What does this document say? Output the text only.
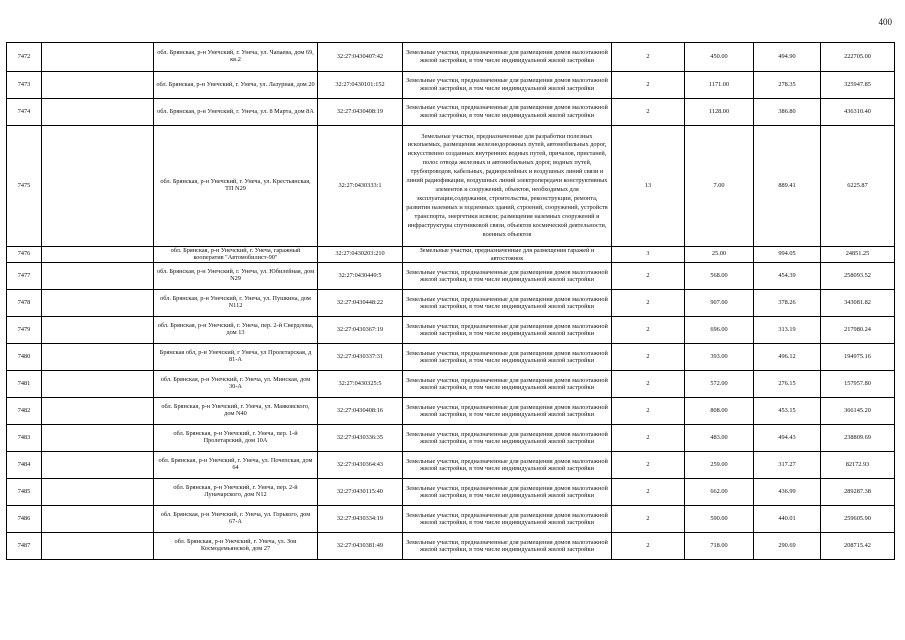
400
7472		обл. Брянская, р-н Унечский, г. Унеча, ул. Чапаева, дом 69, кв.2	32:27:0430407:42	Земельные участки, предназначенные для размещения домов малоэтажной жилой застройки, в том числе индивидуальной жилой застройки	2	450.00	494.90	222705.00
7473		обл. Брянская, р-н Унечский, г. Унеча, ул. Лазурная, дом 20	32:27:0430101:152	Земельные участки, предназначенные для размещения домов малоэтажной жилой застройки, в том числе индивидуальной жилой застройки	2	1171.00	278.35	325947.85
7474		обл. Брянская, р-н Унечский, г. Унеча, ул. 8 Марта, дом 8А	32:27:0430408:19	Земельные участки, предназначенные для размещения домов малоэтажной жилой застройки, в том числе индивидуальной жилой застройки	2	1128.00	386.80	436310.40
7475		обл. Брянская, р-н Унечский, г. Унеча, ул. Крестьянская, ТП N29	32:27:0430333:1	Земельные участки, предназначенные для разработки полезных ископаемых, размещения железнодорожных путей, автомобильных дорог, искусственно созданных внутренних водных путей, причалов, пристаней, полос отвода железных и автомобильных дорог, водных путей, трубопроводов, кабельных, радиорелейных и воздушных линий связи и линий радиофикации, воздушных линий электропередачи конструктивных элементов и сооружений, объектов, необходимых для эксплуатации,содержания, строительства, реконструкции, ремонта, развития наземных и подземных зданий, строений, сооружений, устройств транспорта, энергетики исвязи; размещения наземных сооружений и инфраструктуры спутниковой связи, объектов космической деятельности, военных объектов	13	7.00	889.41	6225.87
7476		обл. Брянская, р-н Унечский, г. Унеча, гаражный кооператив "Автомобилист-90"	32:27:0430203:210	Земельные участки, предназначенные для размещения гаражей и автостоянок	3	25.00	994.05	24851.25
7477		обл. Брянская, р-н Унечский, г. Унеча, ул. Юбилейная, дом N29	32:27:0430449:5	Земельные участки, предназначенные для размещения домов малоэтажной жилой застройки, в том числе индивидуальной жилой застройки	2	568.00	454.39	258093.52
7478		обл. Брянская, р-н Унечский, г. Унеча, ул. Пушкина, дом N112	32:27:0430448:22	Земельные участки, предназначенные для размещения домов малоэтажной жилой застройки, в том числе индивидуальной жилой застройки	2	907.00	378.26	343081.82
7479		обл. Брянская, р-н Унечский, г. Унеча, пер. 2-й Свердлова, дом 13	32:27:0430367:19	Земельные участки, предназначенные для размещения домов малоэтажной жилой застройки, в том числе индивидуальной жилой застройки	2	696.00	313.19	217980.24
7480		Брянская обл, р-н Унечский, г Унеча, ул Пролетарская, д 81-А	32:27:0430337:31	Земельные участки, предназначенные для размещения домов малоэтажной жилой застройки, в том числе индивидуальной жилой застройки	2	393.00	496.12	194975.16
7481		обл. Брянская, р-н Унечский, г. Унеча, ул. Минская, дом 30-А	32:27:0430325:5	Земельные участки, предназначенные для размещения домов малоэтажной жилой застройки, в том числе индивидуальной жилой застройки	2	572.00	276.15	157957.80
7482		обл. Брянская, р-н Унечский, г. Унеча, ул. Маяковского, дом N40	32:27:0430408:16	Земельные участки, предназначенные для размещения домов малоэтажной жилой застройки, в том числе индивидуальной жилой застройки	2	808.00	453.15	366145.20
7483		обл. Брянская, р-н Унечский, г. Унеча, пер. 1-й Пролетарский, дом 10А	32:27:0430336:35	Земельные участки, предназначенные для размещения домов малоэтажной жилой застройки, в том числе индивидуальной жилой застройки	2	483.00	494.43	238809.69
7484		обл. Брянская, р-н Унечский, г. Унеча, ул. Почепская, дом 64	32:27:0430364:43	Земельные участки, предназначенные для размещения домов малоэтажной жилой застройки, в том числе индивидуальной жилой застройки	2	259.00	317.27	82172.93
7485		обл. Брянская, р-н Унечский, г. Унеча, пер. 2-й Луначарского, дом N12	32:27:0430115:40	Земельные участки, предназначенные для размещения домов малоэтажной жилой застройки, в том числе индивидуальной жилой застройки	2	662.00	436.99	289287.38
7486		обл. Брянская, р-н Унечский, г. Унеча, ул. Горького, дом 67-А	32:27:0430334:19	Земельные участки, предназначенные для размещения домов малоэтажной жилой застройки, в том числе индивидуальной жилой застройки	2	590.00	440.01	259605.90
7487		обл. Брянская, р-н Унечский, г. Унеча, ул. Зои Космодемьянской, дом 27	32:27:0430381:49	Земельные участки, предназначенные для размещения домов малоэтажной жилой застройки, в том числе индивидуальной жилой застройки	2	718.00	290.69	208715.42
